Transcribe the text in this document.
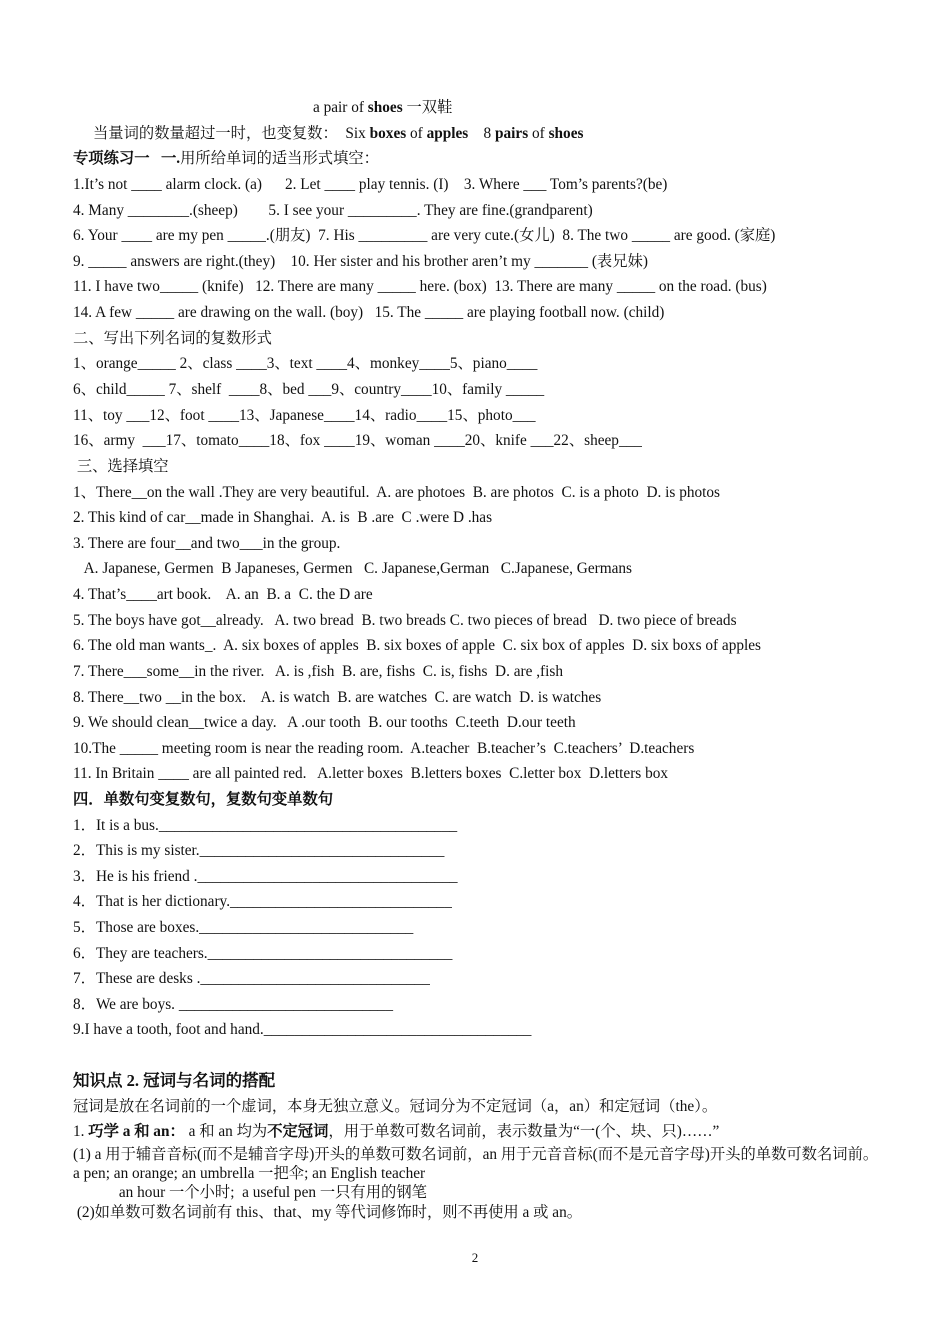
a pair of shoes 一双鞋
当量词的数量超过一时，也变复数：  Six boxes of apples    8 pairs of shoes
专项练习一   一.用所给单词的适当形式填空：
1.It’s not ____ alarm clock. (a)      2. Let ____ play tennis. (I)    3. Where ___ Tom’s parents?(be)
4. Many ________.(sheep)        5. I see your _________. They are fine.(grandparent)
6. Your ____ are my pen _____.(朋友)  7. His _________ are very cute.(女儿)  8. The two _____ are good. (家庭)
9. _____ answers are right.(they)    10. Her sister and his brother aren’t my _______ (表兄妹)
11. I have two_____ (knife)   12. There are many _____ here. (box)  13. There are many _____ on the road. (bus)
14. A few _____ are drawing on the wall. (boy)   15. The _____ are playing football now. (child)
二、写出下列名词的复数形式
1、orange_____ 2、class ____3、text ____4、monkey____5、piano____
6、child_____ 7、shelf  ____8、bed ___9、country____10、family _____
11、toy ___12、foot ____13、Japanese____14、radio____15、photo___
16、army  ___17、tomato____18、fox ____19、woman ____20、knife ___22、sheep___
三、选择填空
1、There__on the wall .They are very beautiful.  A. are photoes  B. are photos  C. is a photo  D. is photos
2. This kind of car__made in Shanghai.  A. is  B .are  C .were D .has
3. There are four__and two___in the group.
A. Japanese, Germen  B Japaneses, Germen   C. Japanese,German   C.Japanese, Germans
4. That’s____art book.    A. an  B. a  C. the D are
5. The boys have got__already.   A. two bread  B. two breads C. two pieces of bread   D. two piece of breads
6. The old man wants_.  A. six boxes of apples  B. six boxes of apple  C. six box of apples  D. six boxs of apples
7. There___some__in the river.   A. is ,fish  B. are, fishs  C. is, fishs  D. are ,fish
8. There__two __in the box.    A. is watch  B. are watches  C. are watch  D. is watches
9. We should clean__twice a day.   A .our tooth  B. our tooths  C.teeth  D.our teeth
10.The _____ meeting room is near the reading room.  A.teacher  B.teacher’s  C.teachers’  D.teachers
11. In Britain ____ are all painted red.   A.letter boxes  B.letters boxes  C.letter box  D.letters box
四．单数句变复数句，复数句变单数句
1．It is a bus._______________________________________
2．This is my sister.________________________________
3．He is his friend .__________________________________
4．That is her dictionary._____________________________
5．Those are boxes.____________________________
6．They are teachers.________________________________
7．These are desks .______________________________
8．We are boys. ____________________________
9.I have a tooth, foot and hand.___________________________________
知识点 2. 冠词与名词的搭配
冠词是放在名词前的一个虚词，本身无独立意义。冠词分为不定冠词（a，an）和定冠词（the）。
1. 巧学 a 和 an： a 和 an 均为不定冠词，用于单数可数名词前，表示数量为“一(个、块、只)……”
(1) a 用于辅音音标(而不是辅音字母)开头的单数可数名词前，an 用于元音音标(而不是元音字母)开头的单数可数名词前。 a pen; an orange; an umbrella 一把伞; an English teacher
an hour 一个小时;  a useful pen 一只有用的钢笔
(2)如单数可数名词前有 this、that、my 等代词修饰时，则不再使用 a 或 an。
2
